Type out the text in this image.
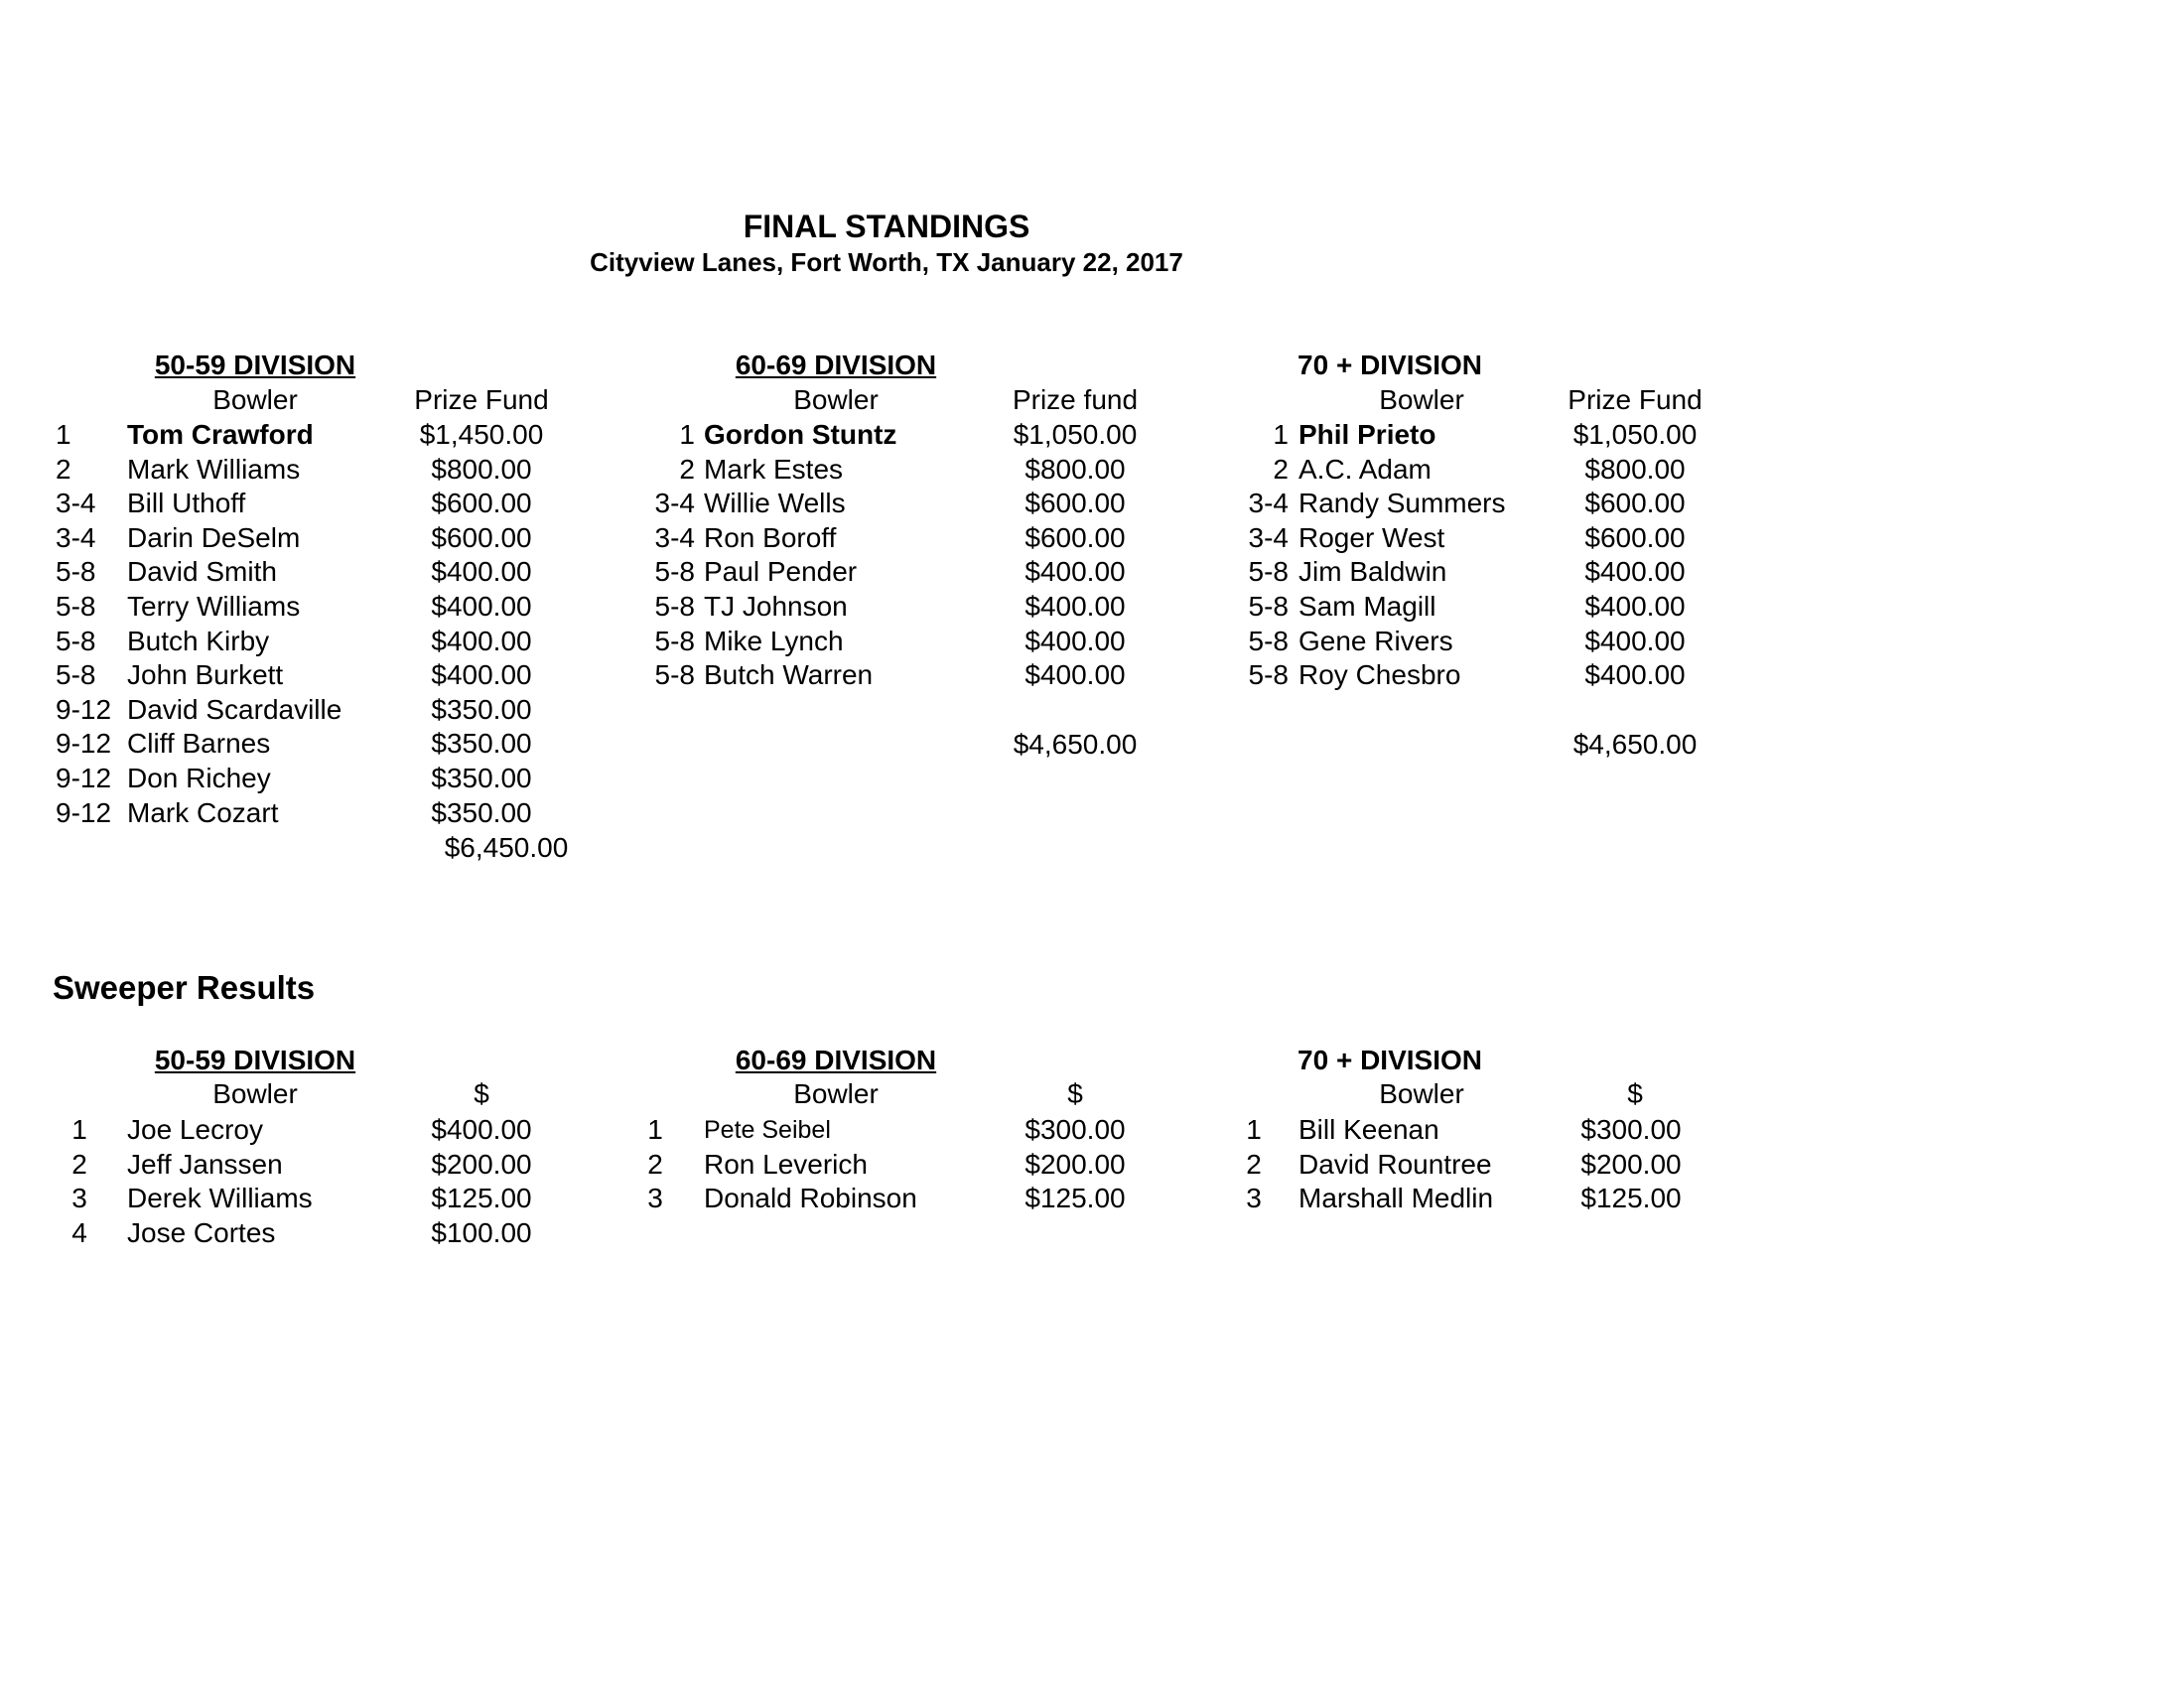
FINAL STANDINGS
Cityview Lanes, Fort Worth, TX January 22, 2017
50-59 DIVISION
Bowler	Prize Fund
60-69 DIVISION
Bowler	Prize fund
70 + DIVISION
Bowler	Prize Fund
1 Tom Crawford	$1,450.00
2 Mark Williams	$800.00
3-4 Bill Uthoff	$600.00
3-4 Darin DeSelm	$600.00
5-8 David Smith	$400.00
5-8 Terry Williams	$400.00
5-8 Butch Kirby	$400.00
5-8 John Burkett	$400.00
9-12 David Scardaville	$350.00
9-12 Cliff Barnes	$350.00
9-12 Don Richey	$350.00
9-12 Mark Cozart	$350.00
1 Gordon Stuntz	$1,050.00
2 Mark Estes	$800.00
3-4 Willie Wells	$600.00
3-4 Ron Boroff	$600.00
5-8 Paul Pender	$400.00
5-8 TJ Johnson	$400.00
5-8 Mike Lynch	$400.00
5-8 Butch Warren	$400.00
1 Phil Prieto	$1,050.00
2 A.C. Adam	$800.00
3-4 Randy Summers	$600.00
3-4 Roger West	$600.00
5-8 Jim Baldwin	$400.00
5-8 Sam Magill	$400.00
5-8 Gene Rivers	$400.00
5-8 Roy Chesbro	$400.00
$6,450.00
$4,650.00	$4,650.00
Sweeper Results
50-59 DIVISION
Bowler	$
60-69 DIVISION
Bowler	$
70 + DIVISION
Bowler	$
1 Joe Lecroy	$400.00
2 Jeff Janssen	$200.00
3 Derek Williams	$125.00
4 Jose Cortes	$100.00
1 Pete Seibel	$300.00
2 Ron Leverich	$200.00
3 Donald Robinson	$125.00
1 Bill Keenan	$300.00
2 David Rountree	$200.00
3 Marshall Medlin	$125.00
